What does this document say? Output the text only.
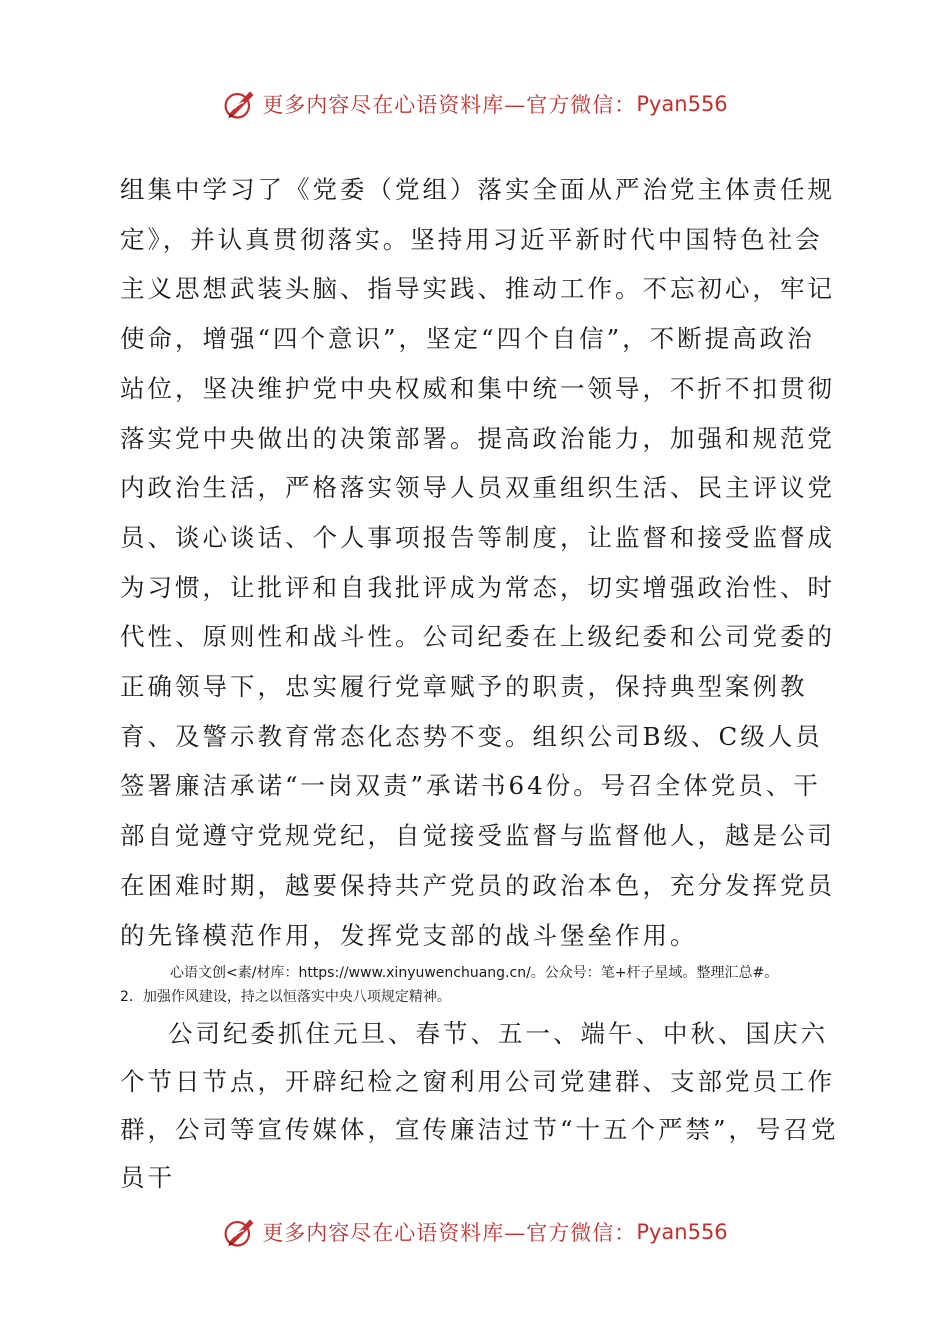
更多内容尽在心语资料库—官方微信： Pyan556

组集中学习了《党委（党组）落实全面从严治党主体责任规定》，并认真贯彻落实。坚持用习近平新时代中国特色社会主义思想武装头脑、指导实践、推动工作。不忘初心，牢记使命，增强“四个意识”，坚定“四个自信”，不断提高政治站位，坚决维护党中央权威和集中统一领导，不折不扣贯彻落实党中央做出的决策部署。提高政治能力，加强和规范党内政治生活，严格落实领导人员双重组织生活、民主评议党员、谈心谈话、个人事项报告等制度，让监督和接受监督成为习惯，让批评和自我批评成为常态，切实增强政治性、时代性、原则性和战斗性。公司纪委在上级纪委和公司党委的正确领导下，忠实履行党章赋予的职责，保持典型案例教育、及警示教育常态化态势不变。组织公司B级、C级人员签署廉洁承诺“一岗双责”承诺书64份。号召全体党员、干部自觉遵守党规党纪，自觉接受监督与监督他人，越是公司在困难时期，越要保持共产党员的政治本色，充分发挥党员的先锋模范作用，发挥党支部的战斗堡垒作用。

心语文创<素/材库：https://www.xinyuwenchuang.cn/。公众号：笔+杆子星域。整理汇总#。
2．加强作风建设，持之以恒落实中央八项规定精神。

公司纪委抓住元旦、春节、五一、端午、中秋、国庆六个节日节点，开辟纪检之窗利用公司党建群、支部党员工作群，公司等宣传媒体，宣传廉洁过节“十五个严禁”，号召党员干

更多内容尽在心语资料库—官方微信： Pyan556
